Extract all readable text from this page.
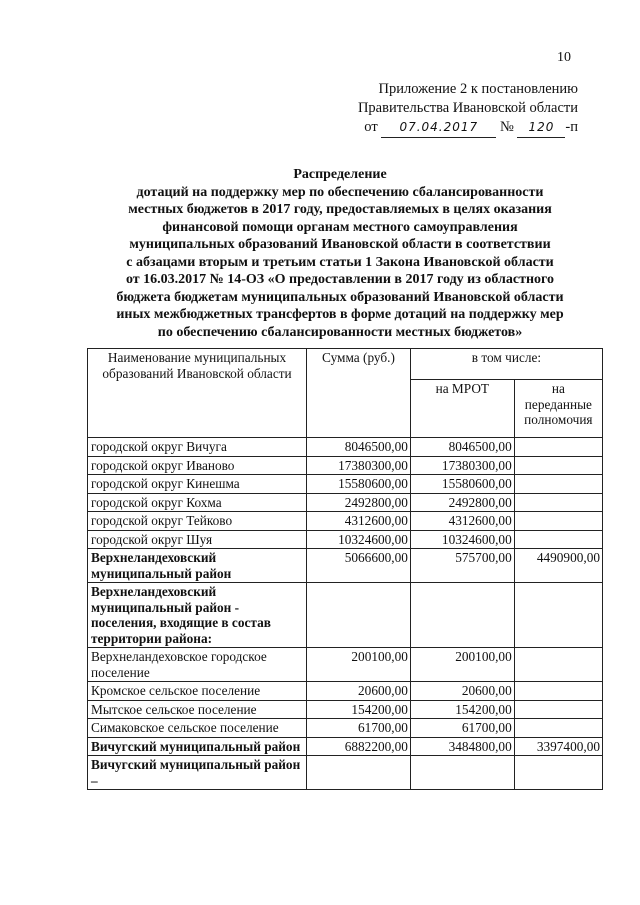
10
Приложение 2 к постановлению
Правительства Ивановской области
от 07.04.2017 № 120 -п
Распределение
дотаций на поддержку мер по обеспечению сбалансированности
местных бюджетов в 2017 году, предоставляемых в целях оказания
финансовой помощи органам местного самоуправления
муниципальных образований Ивановской области в соответствии
с абзацами вторым и третьим статьи 1 Закона Ивановской области
от 16.03.2017 № 14-ОЗ «О предоставлении в 2017 году из областного
бюджета бюджетам муниципальных образований Ивановской области
иных межбюджетных трансфертов в форме дотаций на поддержку мер
по обеспечению сбалансированности местных бюджетов»
Наименование муниципальных образований Ивановской области	Сумма (руб.)	в том числе:	
		на МРОТ	на переданные полномочия
городской округ Вичуга	8046500,00	8046500,00	
городской округ Иваново	17380300,00	17380300,00	
городской округ Кинешма	15580600,00	15580600,00	
городской округ Кохма	2492800,00	2492800,00	
городской округ Тейково	4312600,00	4312600,00	
городской округ Шуя	10324600,00	10324600,00	
Верхнеландеховский муниципальный район	5066600,00	575700,00	4490900,00
Верхнеландеховский муниципальный район - поселения, входящие в состав территории района:			
Верхнеландеховское городское поселение	200100,00	200100,00	
Кромское сельское поселение	20600,00	20600,00	
Мытское сельское поселение	154200,00	154200,00	
Симаковское сельское поселение	61700,00	61700,00	
Вичугский муниципальный район	6882200,00	3484800,00	3397400,00
Вичугский муниципальный район –			
